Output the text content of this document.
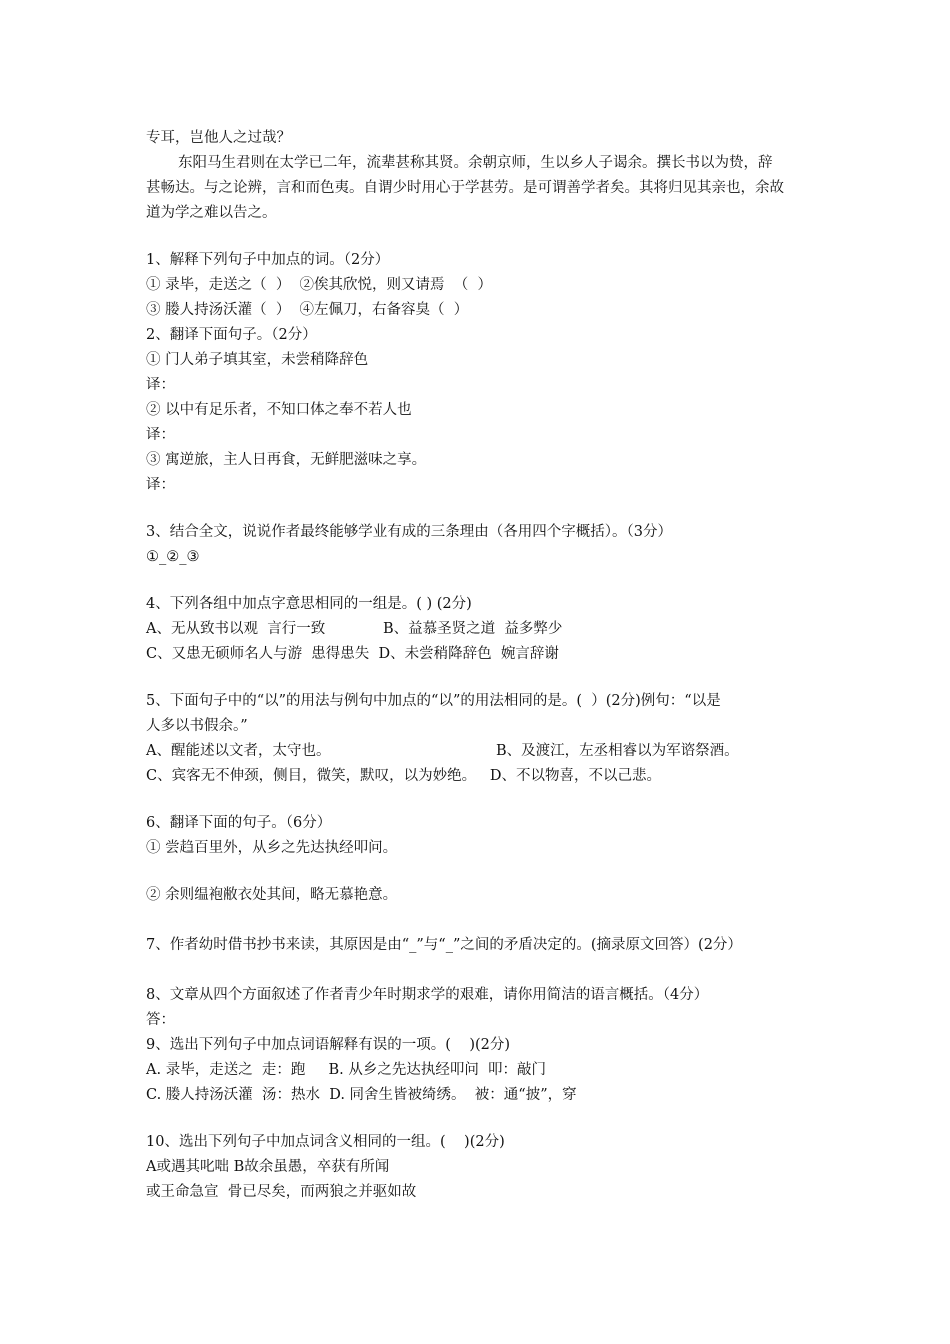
专耳，岂他人之过哉？
东阳马生君则在太学已二年，流辈甚称其贤。余朝京师，生以乡人子谒余。撰长书以为贽，辞
甚畅达。与之论辨，言和而色夷。自谓少时用心于学甚劳。是可谓善学者矣。其将归见其亲也，余故
道为学之难以告之。
1、解释下列句子中加点的词。（2分）
① 录毕，走送之（  ）  ②俟其欣悦，则又请焉  （  ）
③ 媵人持汤沃灌（  ）  ④左佩刀，右备容臭（  ）
2、翻译下面句子。（2分）
① 门人弟子填其室，未尝稍降辞色
译：
② 以中有足乐者，不知口体之奉不若人也
译：
③ 寓逆旅，主人日再食，无鲜肥滋味之享。
译：
3、结合全文，说说作者最终能够学业有成的三条理由（各用四个字概括）。（3分）
①_②_③
4、下列各组中加点字意思相同的一组是。( ) (2分)
A、无从致书以观  言行一致	B、益慕圣贤之道  益多弊少
C、又患无硕师名人与游  患得患失  D、未尝稍降辞色  婉言辞谢
5、下面句子中的“以”的用法与例句中加点的“以”的用法相同的是。(  ）(2分)例句：“以是
人多以书假余。”
A、醒能述以文者，太守也。	B、及渡江，左丞相睿以为军谘祭酒。
C、宾客无不伸颈，侧目，微笑，默叹，以为妙绝。   D、不以物喜，不以己悲。
6、翻译下面的句子。（6分）
① 尝趋百里外，从乡之先达执经叩问。
② 余则缊袍敝衣处其间，略无慕艳意。
7、作者幼时借书抄书来读，其原因是由“_”与“_”之间的矛盾决定的。(摘录原文回答）(2分）
8、文章从四个方面叙述了作者青少年时期求学的艰难，请你用简洁的语言概括。（4分）
答：
9、选出下列句子中加点词语解释有误的一项。(    )(2分)
A. 录毕，走送之  走：跑     B. 从乡之先达执经叩问  叩：敲门
C. 媵人持汤沃灌  汤：热水  D. 同舍生皆被绮绣。  被：通“披”，穿
10、选出下列句子中加点词含义相同的一组。(    )(2分)
A或遇其叱咄 B故余虽愚，卒获有所闻
或王命急宣  骨已尽矣，而两狼之并驱如故
